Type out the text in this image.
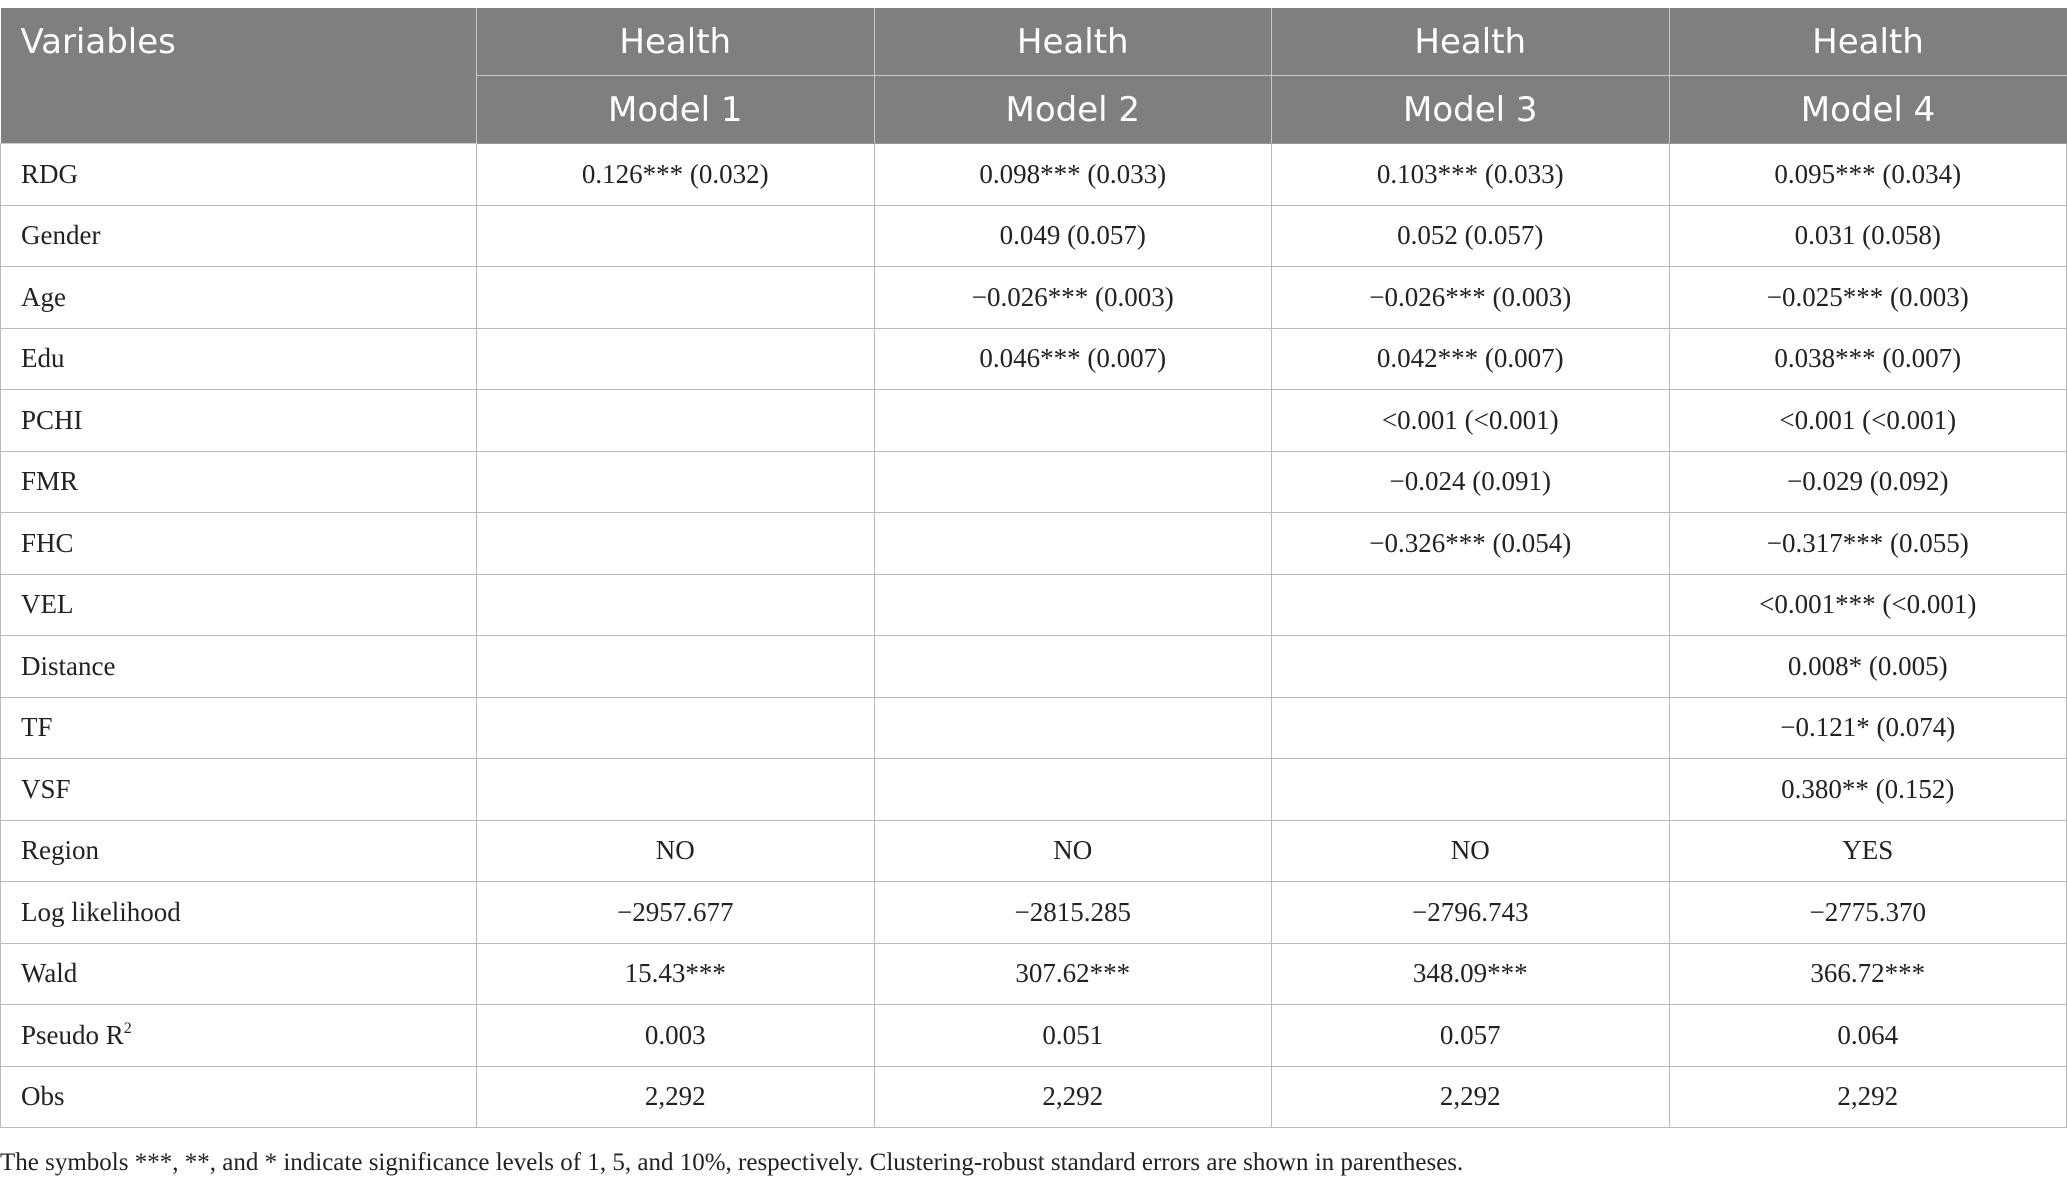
Variables	Health	Health	Health	Health
	Model 1	Model 2	Model 3	Model 4
RDG	0.126*** (0.032)	0.098*** (0.033)	0.103*** (0.033)	0.095*** (0.034)
Gender		0.049 (0.057)	0.052 (0.057)	0.031 (0.058)
Age		−0.026*** (0.003)	−0.026*** (0.003)	−0.025*** (0.003)
Edu		0.046*** (0.007)	0.042*** (0.007)	0.038*** (0.007)
PCHI			<0.001 (<0.001)	<0.001 (<0.001)
FMR			−0.024 (0.091)	−0.029 (0.092)
FHC			−0.326*** (0.054)	−0.317*** (0.055)
VEL				<0.001*** (<0.001)
Distance				0.008* (0.005)
TF				−0.121* (0.074)
VSF				0.380** (0.152)
Region	NO	NO	NO	YES
Log likelihood	−2957.677	−2815.285	−2796.743	−2775.370
Wald	15.43***	307.62***	348.09***	366.72***
Pseudo $R^2$	0.003	0.051	0.057	0.064
Obs	2,292	2,292	2,292	2,292
The symbols ***, **, and * indicate significance levels of 1, 5, and 10%, respectively. Clustering-robust standard errors are shown in parentheses.
